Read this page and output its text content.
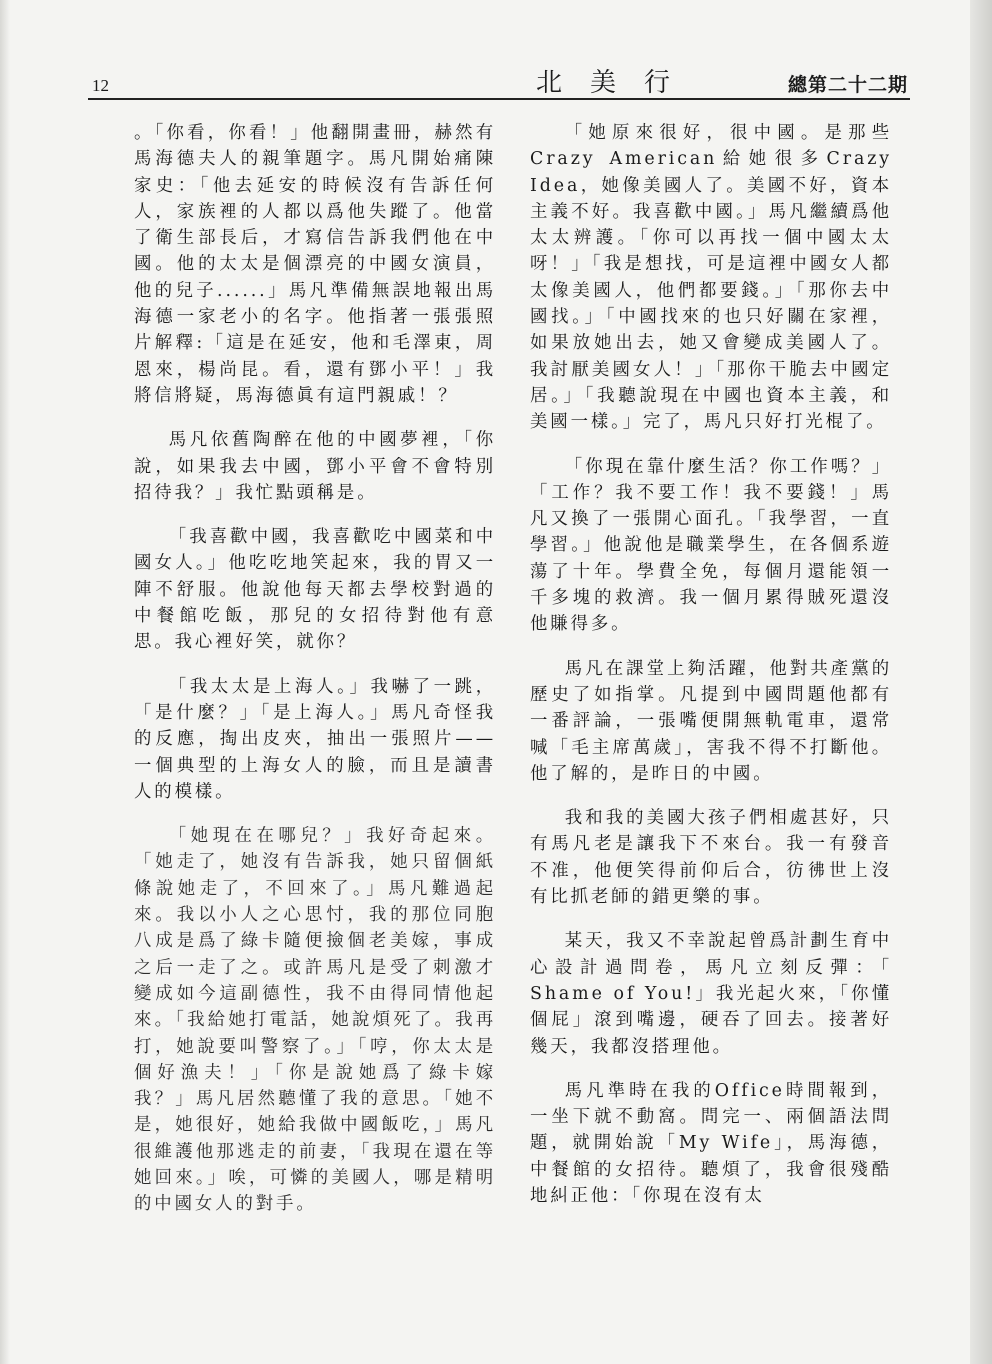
12	北美行	總第二十二期

。「你看，你看！」他翻開畫冊，赫然有馬海德夫人的親筆題字。馬凡開始痛陳家史：「他去延安的時候沒有告訴任何人，家族裡的人都以爲他失蹤了。他當了衛生部長后，才寫信告訴我們他在中國。他的太太是個漂亮的中國女演員，他的兒子......」馬凡準備無誤地報出馬海德一家老小的名字。他指著一張張照片解釋:「這是在延安，他和毛澤東，周恩來，楊尚昆。看，還有鄧小平！」我將信將疑，馬海德眞有這門親戚！？

馬凡依舊陶醉在他的中國夢裡，「你說，如果我去中國，鄧小平會不會特別招待我？」我忙點頭稱是。

「我喜歡中國，我喜歡吃中國菜和中國女人。」他吃吃地笑起來，我的胃又一陣不舒服。他說他每天都去學校對過的中餐館吃飯，那兒的女招待對他有意思。我心裡好笑，就你？

「我太太是上海人。」我嚇了一跳，「是什麼？」「是上海人。」馬凡奇怪我的反應，掏出皮夾，抽出一張照片——一個典型的上海女人的臉，而且是讀書人的模樣。

「她現在在哪兒？」我好奇起來。「她走了，她沒有告訴我，她只留個紙條說她走了，不回來了。」馬凡難過起來。我以小人之心思忖，我的那位同胞八成是爲了綠卡隨便撿個老美嫁，事成之后一走了之。或許馬凡是受了刺激才變成如今這副德性，我不由得同情他起來。「我給她打電話，她說煩死了。我再打，她說要叫警察了。」「哼，你太太是個好漁夫！」「你是說她爲了綠卡嫁我？」馬凡居然聽懂了我的意思。「她不是，她很好，她給我做中國飯吃，」馬凡很維護他那逃走的前妻，「我現在還在等她回來。」唉，可憐的美國人，哪是精明的中國女人的對手。

「她原來很好，很中國。是那些Crazy American給她很多Crazy Idea，她像美國人了。美國不好，資本主義不好。我喜歡中國。」馬凡繼續爲他太太辨護。「你可以再找一個中國太太呀！」「我是想找，可是這裡中國女人都太像美國人，他們都要錢。」「那你去中國找。」「中國找來的也只好關在家裡，如果放她出去，她又會變成美國人了。我討厭美國女人！」「那你干脆去中國定居。」「我聽說現在中國也資本主義，和美國一樣。」完了，馬凡只好打光棍了。

「你現在靠什麼生活？你工作嗎？」「工作？我不要工作！我不要錢！」馬凡又換了一張開心面孔。「我學習，一直學習。」他說他是職業學生，在各個系遊蕩了十年。學費全免，每個月還能領一千多塊的救濟。我一個月累得賊死還沒他賺得多。

馬凡在課堂上夠活躍，他對共產黨的歷史了如指掌。凡提到中國問題他都有一番評論，一張嘴便開無軌電車，還常喊「毛主席萬歲」，害我不得不打斷他。他了解的，是昨日的中國。

我和我的美國大孩子們相處甚好，只有馬凡老是讓我下不來台。我一有發音不准，他便笑得前仰后合，彷彿世上沒有比抓老師的錯更樂的事。

某天，我又不幸說起曾爲計劃生育中心設計過問卷，馬凡立刻反彈：「 Shame of You!」我光起火來，「你懂個屁」滾到嘴邊，硬吞了回去。接著好幾天，我都沒搭理他。

馬凡準時在我的Office時間報到，一坐下就不動窩。問完一、兩個語法問題，就開始說「My Wife」，馬海德，中餐館的女招待。聽煩了，我會很殘酷地糾正他：「你現在沒有太
